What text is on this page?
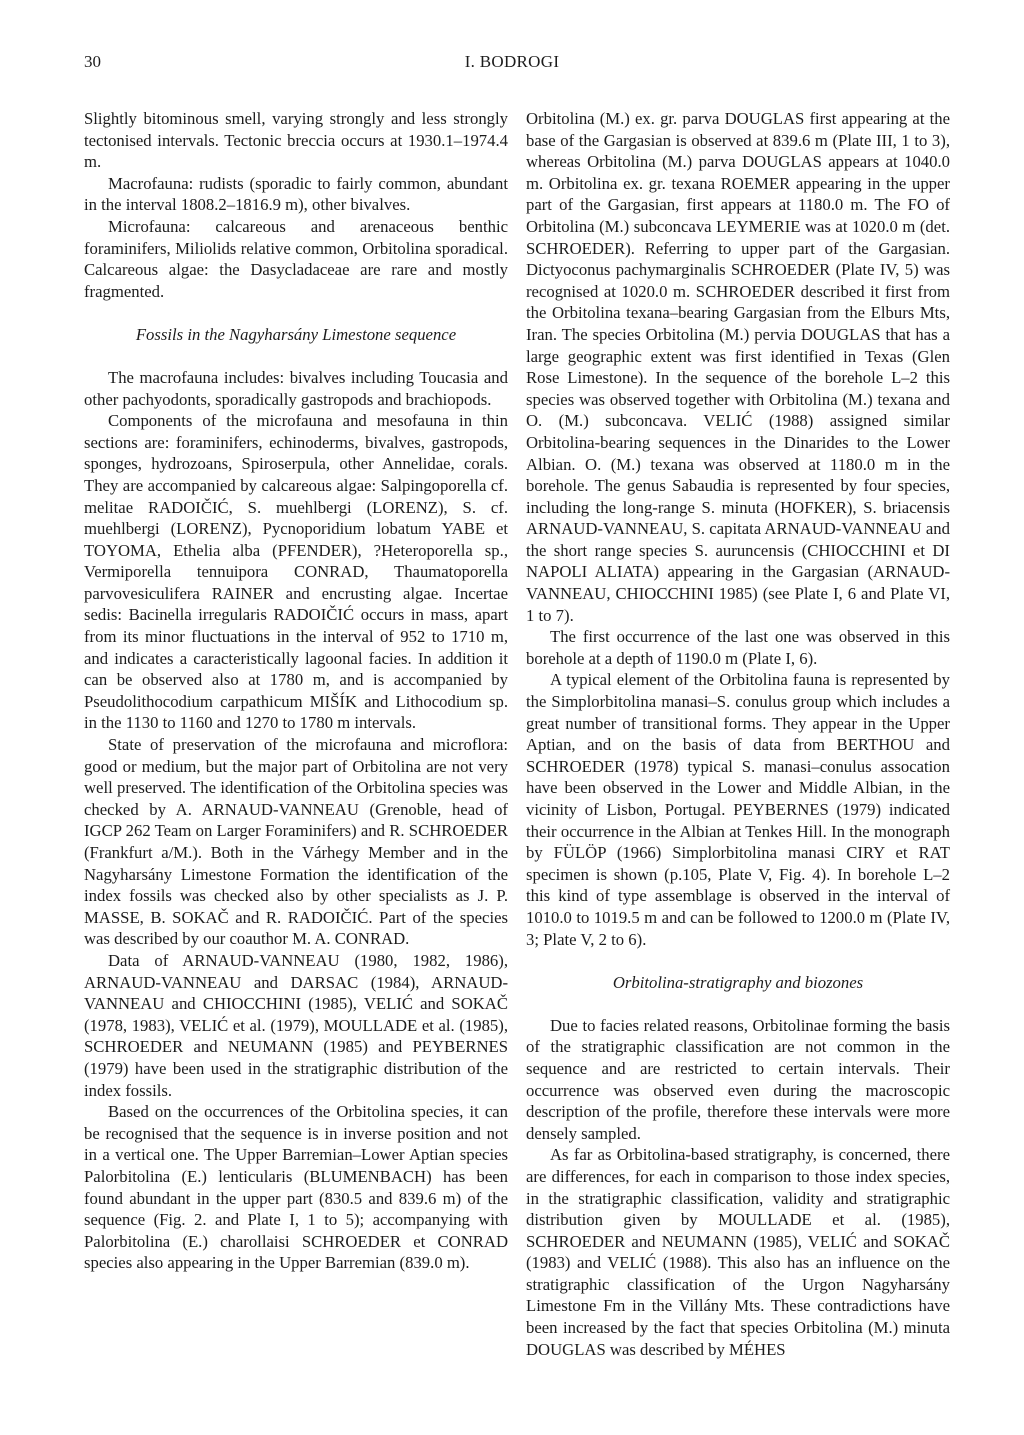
30	I. BODROGI

Slightly bitominous smell, varying strongly and less strongly tectonised intervals. Tectonic breccia occurs at 1930.1–1974.4 m.

Macrofauna: rudists (sporadic to fairly common, abundant in the interval 1808.2–1816.9 m), other bivalves.

Microfauna: calcareous and arenaceous benthic foraminifers, Miliolids relative common, Orbitolina sporadical. Calcareous algae: the Dasycladaceae are rare and mostly fragmented.

Fossils in the Nagyharsány Limestone sequence

The macrofauna includes: bivalves including Toucasia and other pachyodonts, sporadically gastropods and brachiopods.

Components of the microfauna and mesofauna in thin sections are: foraminifers, echinoderms, bivalves, gastropods, sponges, hydrozoans, Spiroserpula, other Annelidae, corals. They are accompanied by calcareous algae: Salpingoporella cf. melitae RADOIČIĆ, S. muehlbergi (LORENZ), S. cf. muehlbergi (LORENZ), Pycnoporidium lobatum YABE et TOYOMA, Ethelia alba (PFENDER), ?Heteroporella sp., Vermiporella tennuipora CONRAD, Thaumatoporella parvovesiculifera RAINER and encrusting algae. Incertae sedis: Bacinella irregularis RADOIČIĆ occurs in mass, apart from its minor fluctuations in the interval of 952 to 1710 m, and indicates a caracteristically lagoonal facies. In addition it can be observed also at 1780 m, and is accompanied by Pseudolithocodium carpathicum MIŠÍK and Lithocodium sp. in the 1130 to 1160 and 1270 to 1780 m intervals.

State of preservation of the microfauna and microflora: good or medium, but the major part of Orbitolina are not very well preserved. The identification of the Orbitolina species was checked by A. ARNAUD-VANNEAU (Grenoble, head of IGCP 262 Team on Larger Foraminifers) and R. SCHROEDER (Frankfurt a/M.). Both in the Várhegy Member and in the Nagyharsány Limestone Formation the identification of the index fossils was checked also by other specialists as J. P. MASSE, B. SOKAČ and R. RADOIČIĆ. Part of the species was described by our coauthor M. A. CONRAD.

Data of ARNAUD-VANNEAU (1980, 1982, 1986), ARNAUD-VANNEAU and DARSAC (1984), ARNAUD-VANNEAU and CHIOCCHINI (1985), VELIĆ and SOKAČ (1978, 1983), VELIĆ et al. (1979), MOULLADE et al. (1985), SCHROEDER and NEUMANN (1985) and PEYBERNES (1979) have been used in the stratigraphic distribution of the index fossils.

Based on the occurrences of the Orbitolina species, it can be recognised that the sequence is in inverse position and not in a vertical one. The Upper Barremian–Lower Aptian species Palorbitolina (E.) lenticularis (BLUMENBACH) has been found abundant in the upper part (830.5 and 839.6 m) of the sequence (Fig. 2. and Plate I, 1 to 5); accompanying with Palorbitolina (E.) charollaisi SCHROEDER et CONRAD species also appearing in the Upper Barremian (839.0 m).

Orbitolina (M.) ex. gr. parva DOUGLAS first appearing at the base of the Gargasian is observed at 839.6 m (Plate III, 1 to 3), whereas Orbitolina (M.) parva DOUGLAS appears at 1040.0 m. Orbitolina ex. gr. texana ROEMER appearing in the upper part of the Gargasian, first appears at 1180.0 m. The FO of Orbitolina (M.) subconcava LEYMERIE was at 1020.0 m (det. SCHROEDER). Referring to upper part of the Gargasian. Dictyoconus pachymarginalis SCHROEDER (Plate IV, 5) was recognised at 1020.0 m. SCHROEDER described it first from the Orbitolina texana–bearing Gargasian from the Elburs Mts, Iran. The species Orbitolina (M.) pervia DOUGLAS that has a large geographic extent was first identified in Texas (Glen Rose Limestone). In the sequence of the borehole L–2 this species was observed together with Orbitolina (M.) texana and O. (M.) subconcava. VELIĆ (1988) assigned similar Orbitolina-bearing sequences in the Dinarides to the Lower Albian. O. (M.) texana was observed at 1180.0 m in the borehole. The genus Sabaudia is represented by four species, including the long-range S. minuta (HOFKER), S. briacensis ARNAUD-VANNEAU, S. capitata ARNAUD-VANNEAU and the short range species S. auruncensis (CHIOCCHINI et DI NAPOLI ALIATA) appearing in the Gargasian (ARNAUD-VANNEAU, CHIOCCHINI 1985) (see Plate I, 6 and Plate VI, 1 to 7).

The first occurrence of the last one was observed in this borehole at a depth of 1190.0 m (Plate I, 6).

A typical element of the Orbitolina fauna is represented by the Simplorbitolina manasi–S. conulus group which includes a great number of transitional forms. They appear in the Upper Aptian, and on the basis of data from BERTHOU and SCHROEDER (1978) typical S. manasi–conulus assocation have been observed in the Lower and Middle Albian, in the vicinity of Lisbon, Portugal. PEYBERNES (1979) indicated their occurrence in the Albian at Tenkes Hill. In the monograph by FÜLÖP (1966) Simplorbitolina manasi CIRY et RAT specimen is shown (p.105, Plate V, Fig. 4). In borehole L–2 this kind of type assemblage is observed in the interval of 1010.0 to 1019.5 m and can be followed to 1200.0 m (Plate IV, 3; Plate V, 2 to 6).

Orbitolina-stratigraphy and biozones

Due to facies related reasons, Orbitolinae forming the basis of the stratigraphic classification are not common in the sequence and are restricted to certain intervals. Their occurrence was observed even during the macroscopic description of the profile, therefore these intervals were more densely sampled.

As far as Orbitolina-based stratigraphy, is concerned, there are differences, for each in comparison to those index species, in the stratigraphic classification, validity and stratigraphic distribution given by MOULLADE et al. (1985), SCHROEDER and NEUMANN (1985), VELIĆ and SOKAČ (1983) and VELIĆ (1988). This also has an influence on the stratigraphic classification of the Urgon Nagyharsány Limestone Fm in the Villány Mts. These contradictions have been increased by the fact that species Orbitolina (M.) minuta DOUGLAS was described by MÉHES
